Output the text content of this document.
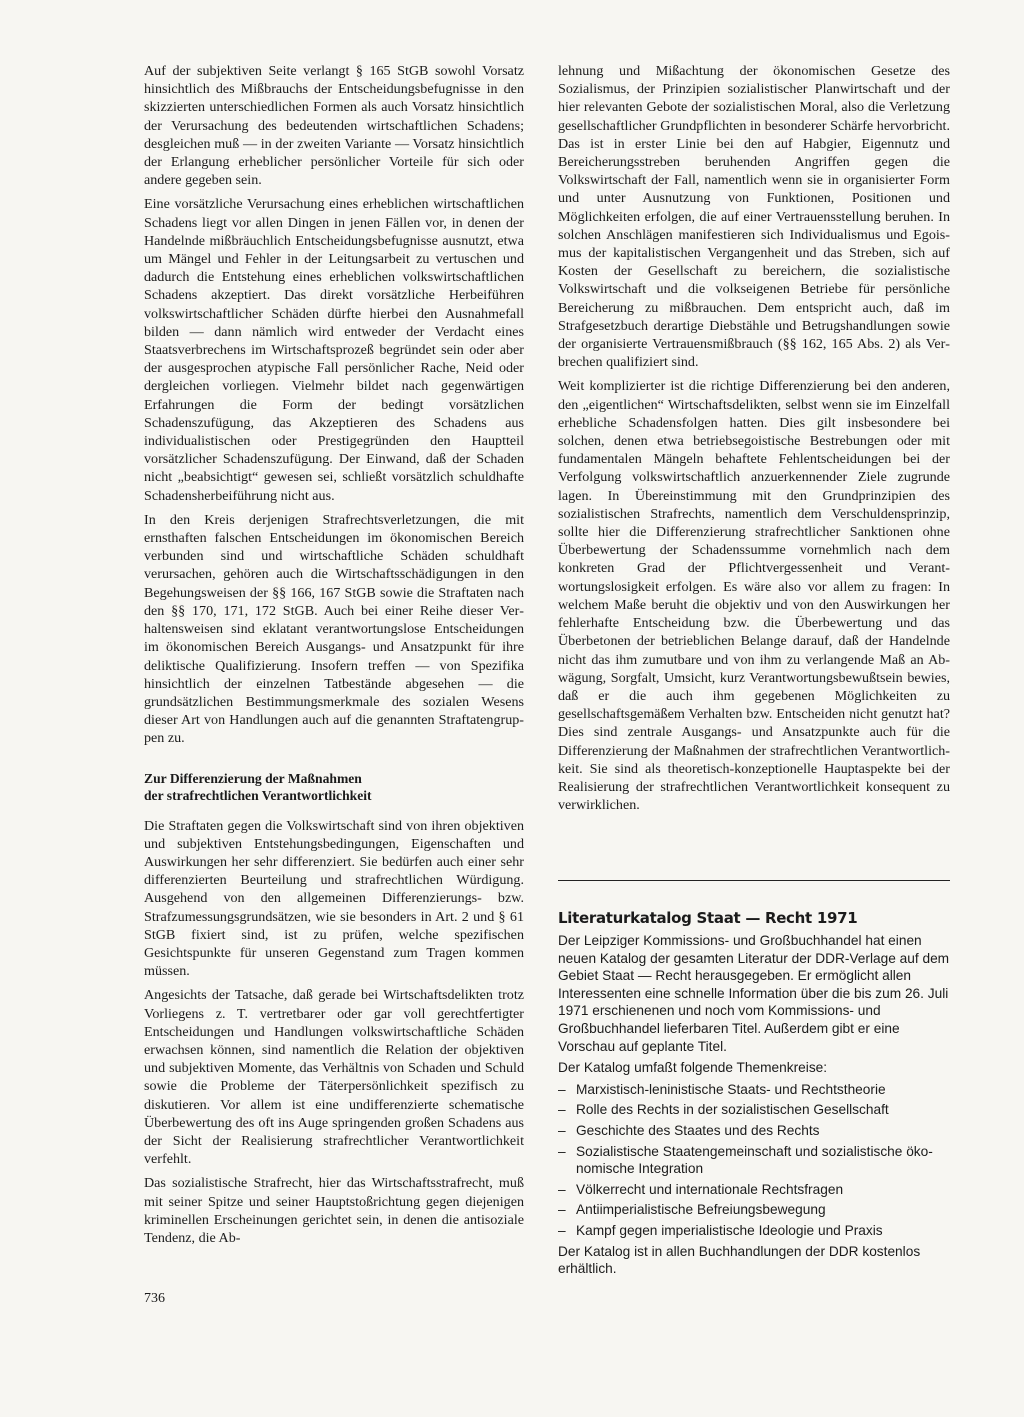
Auf der subjektiven Seite verlangt § 165 StGB sowohl Vorsatz hinsichtlich des Mißbrauchs der Entscheidungsbefugnisse in den skizzierten unterschiedlichen Formen als auch Vorsatz hinsichtlich der Verursachung des bedeutenden wirtschaftlichen Schadens; desgleichen muß — in der zweiten Variante — Vorsatz hinsichtlich der Erlangung erheblicher persönlicher Vorteile für sich oder andere gegeben sein.

Eine vorsätzliche Verursachung eines erheblichen wirtschaftlichen Schadens liegt vor allen Dingen in jenen Fällen vor, in denen der Handelnde mißbräuchlich Entscheidungsbefugnisse ausnutzt, etwa um Mängel und Fehler in der Leitungsarbeit zu vertuschen und dadurch die Entstehung eines erheblichen volkswirtschaftlichen Schadens akzeptiert. Das direkt vorsätzliche Herbeiführen volkswirtschaftlicher Schäden dürfte hierbei den Ausnahmefall bilden — dann nämlich wird entweder der Verdacht eines Staatsverbrechens im Wirtschaftsprozeß begründet sein oder aber der ausgesprochen atypische Fall persönlicher Rache, Neid oder dergleichen vorliegen. Vielmehr bildet nach gegenwärtigen Erfahrungen die Form der bedingt vorsätzlichen Schadenszufügung, das Akzeptieren des Schadens aus individualistischen oder Prestigegründen den Hauptteil vorsätzlicher Schadenszufügung. Der Einwand, daß der Schaden nicht „beabsichtigt“ gewesen sei, schließt vorsätzlich schuldhafte Schadensherbeiführung nicht aus.

In den Kreis derjenigen Strafrechtsverletzungen, die mit ernsthaften falschen Entscheidungen im ökonomischen Bereich verbunden sind und wirtschaftliche Schäden schuldhaft verursachen, gehören auch die Wirtschaftsschädigungen in den Begehungsweisen der §§ 166, 167 StGB sowie die Straftaten nach den §§ 170, 171, 172 StGB. Auch bei einer Reihe dieser Verhaltensweisen sind eklatant verantwortungslose Entscheidungen im ökonomischen Bereich Ausgangs- und Ansatzpunkt für ihre deliktische Qualifizierung. Insofern treffen — von Spezifika hinsichtlich der einzelnen Tatbestände abgesehen — die grundsätzlichen Bestimmungsmerkmale des sozialen Wesens dieser Art von Handlungen auch auf die genannten Straftatengruppen zu.

Zur Differenzierung der Maßnahmen
der strafrechtlichen Verantwortlichkeit

Die Straftaten gegen die Volkswirtschaft sind von ihren objektiven und subjektiven Entstehungsbedingungen, Eigenschaften und Auswirkungen her sehr differenziert. Sie bedürfen auch einer sehr differenzierten Beurteilung und strafrechtlichen Würdigung. Ausgehend von den allgemeinen Differenzierungs- bzw. Strafzumessungsgrundsätzen, wie sie besonders in Art. 2 und § 61 StGB fixiert sind, ist zu prüfen, welche spezifischen Gesichtspunkte für unseren Gegenstand zum Tragen kommen müssen.

Angesichts der Tatsache, daß gerade bei Wirtschaftsdelikten trotz Vorliegens z. T. vertretbarer oder gar voll gerechtfertigter Entscheidungen und Handlungen volkswirtschaftliche Schäden erwachsen können, sind namentlich die Relation der objektiven und subjektiven Momente, das Verhältnis von Schaden und Schuld sowie die Probleme der Täterpersönlichkeit spezifisch zu diskutieren. Vor allem ist eine undifferenzierte schematische Überbewertung des oft ins Auge springenden großen Schadens aus der Sicht der Realisierung strafrechtlicher Verantwortlichkeit verfehlt.

Das sozialistische Strafrecht, hier das Wirtschaftsstrafrecht, muß mit seiner Spitze und seiner Hauptstoßrichtung gegen diejenigen kriminellen Erscheinungen gerichtet sein, in denen die antisoziale Tendenz, die Ab-

736

lehnung und Mißachtung der ökonomischen Gesetze des Sozialismus, der Prinzipien sozialistischer Planwirtschaft und der hier relevanten Gebote der sozialistischen Moral, also die Verletzung gesellschaftlicher Grundpflichten in besonderer Schärfe hervorbricht. Das ist in erster Linie bei den auf Habgier, Eigennutz und Bereicherungsstreben beruhenden Angriffen gegen die Volkswirtschaft der Fall, namentlich wenn sie in organisierter Form und unter Ausnutzung von Funktionen, Positionen und Möglichkeiten erfolgen, die auf einer Vertrauensstellung beruhen. In solchen Anschlägen manifestieren sich Individualismus und Egoismus der kapitalistischen Vergangenheit und das Streben, sich auf Kosten der Gesellschaft zu bereichern, die sozialistische Volkswirtschaft und die volkseigenen Betriebe für persönliche Bereicherung zu mißbrauchen. Dem entspricht auch, daß im Strafgesetzbuch derartige Diebstähle und Betrugshandlungen sowie der organisierte Vertrauensmißbrauch (§§ 162, 165 Abs. 2) als Verbrechen qualifiziert sind.

Weit komplizierter ist die richtige Differenzierung bei den anderen, den „eigentlichen“ Wirtschaftsdelikten, selbst wenn sie im Einzelfall erhebliche Schadensfolgen hatten. Dies gilt insbesondere bei solchen, denen etwa betriebsegoistische Bestrebungen oder mit fundamentalen Mängeln behaftete Fehlentscheidungen bei der Verfolgung volkswirtschaftlich anzuerkennender Ziele zugrunde lagen. In Übereinstimmung mit den Grundprinzipien des sozialistischen Strafrechts, namentlich dem Verschuldensprinzip, sollte hier die Differenzierung strafrechtlicher Sanktionen ohne Überbewertung der Schadenssumme vornehmlich nach dem konkreten Grad der Pflichtvergessenheit und Verantwortungslosigkeit erfolgen. Es wäre also vor allem zu fragen: In welchem Maße beruht die objektiv und von den Auswirkungen her fehlerhafte Entscheidung bzw. die Überbewertung und das Überbetonen der betrieblichen Belange darauf, daß der Handelnde nicht das ihm zumutbare und von ihm zu verlangende Maß an Abwägung, Sorgfalt, Umsicht, kurz Verantwortungsbewußtsein bewies, daß er die auch ihm gegebenen Möglichkeiten zu gesellschaftsgemäßem Verhalten bzw. Entscheiden nicht genutzt hat? Dies sind zentrale Ausgangs- und Ansatzpunkte auch für die Differenzierung der Maßnahmen der strafrechtlichen Verantwortlichkeit. Sie sind als theoretisch-konzeptionelle Hauptaspekte bei der Realisierung der strafrechtlichen Verantwortlichkeit konsequent zu verwirklichen.

Literaturkatalog Staat — Recht 1971

Der Leipziger Kommissions- und Großbuchhandel hat einen neuen Katalog der gesamten Literatur der DDR-Verlage auf dem Gebiet Staat — Recht herausgegeben. Er ermöglicht allen Interessenten eine schnelle Information über die bis zum 26. Juli 1971 erschienenen und noch vom Kommissions- und Großbuchhandel lieferbaren Titel. Außerdem gibt er eine Vorschau auf geplante Titel.

Der Katalog umfaßt folgende Themenkreise:

– Marxistisch-leninistische Staats- und Rechtstheorie
– Rolle des Rechts in der sozialistischen Gesellschaft
– Geschichte des Staates und des Rechts
– Sozialistische Staatengemeinschaft und sozialistische ökonomische Integration
– Völkerrecht und internationale Rechtsfragen
– Antiimperialistische Befreiungsbewegung
– Kampf gegen imperialistische Ideologie und Praxis

Der Katalog ist in allen Buchhandlungen der DDR kostenlos erhältlich.
